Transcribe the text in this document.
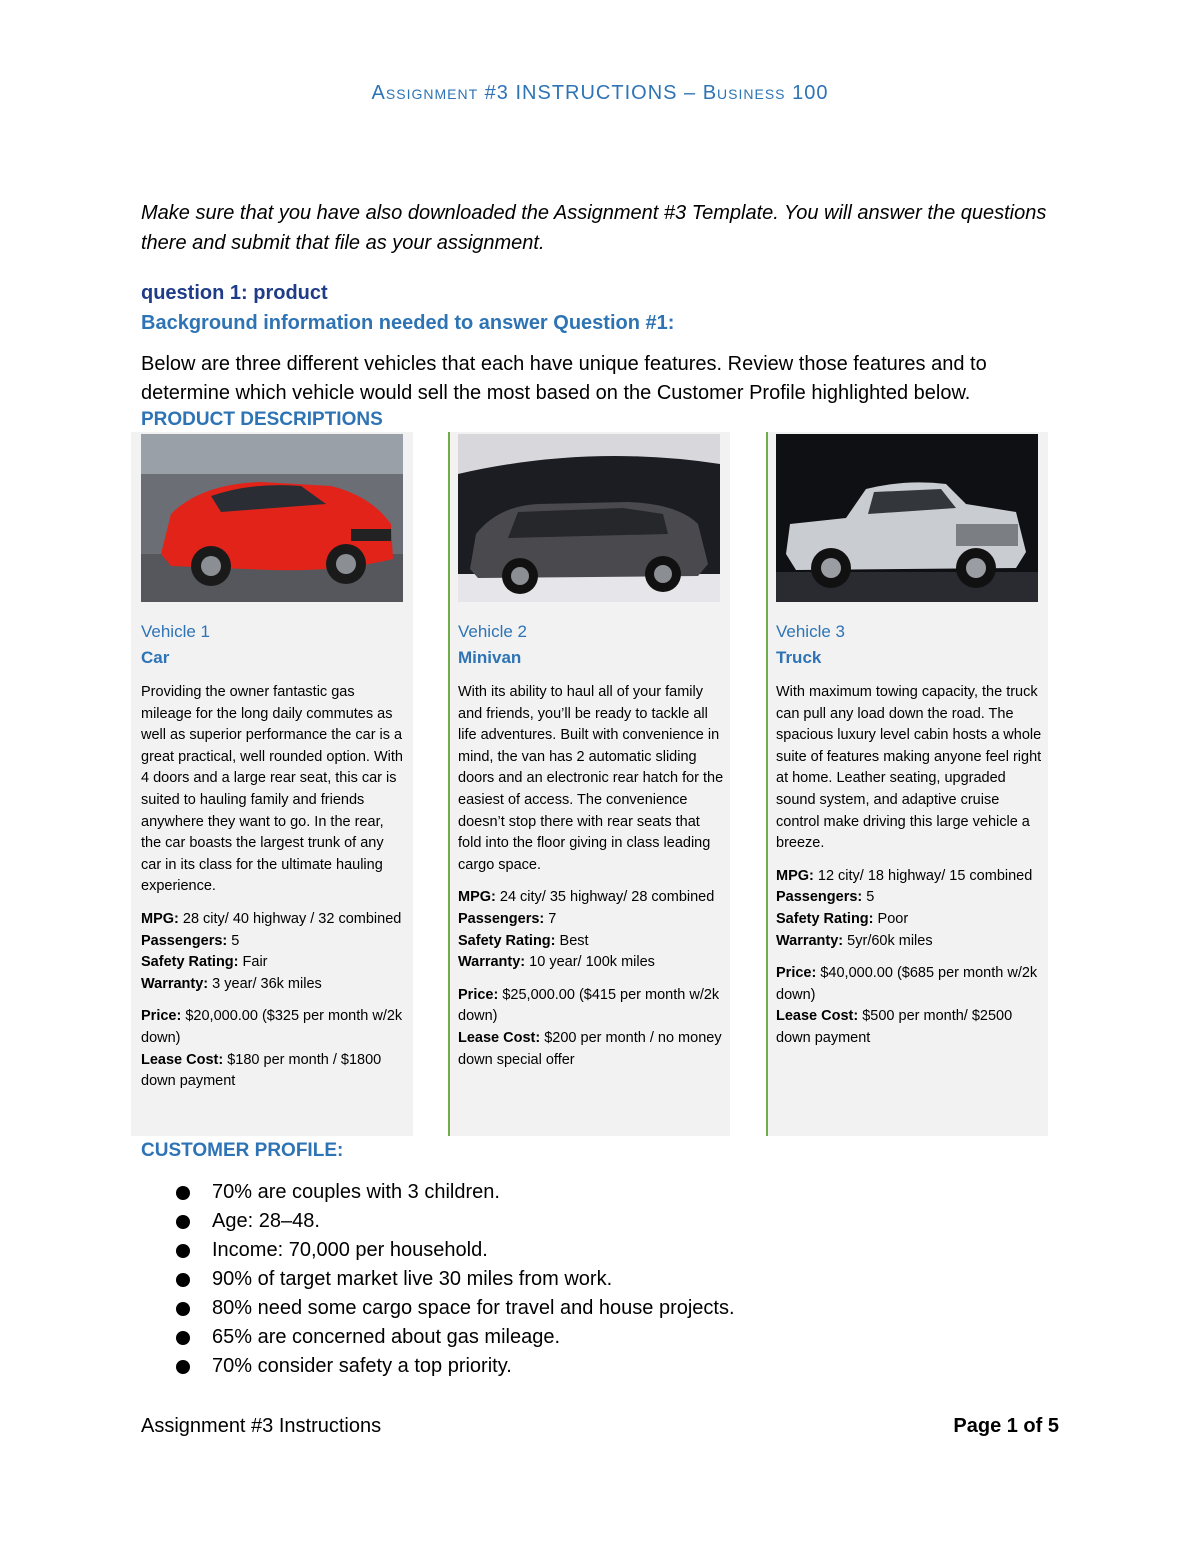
Assignment #3 INSTRUCTIONS – Business 100
Make sure that you have also downloaded the Assignment #3 Template. You will answer the questions there and submit that file as your assignment.
question 1: product
Background information needed to answer Question #1:
Below are three different vehicles that each have unique features. Review those features and to determine which vehicle would sell the most based on the Customer Profile highlighted below.
PRODUCT DESCRIPTIONS
Vehicle 1
Car

Providing the owner fantastic gas mileage for the long daily commutes as well as superior performance the car is a great practical, well rounded option. With 4 doors and a large rear seat, this car is suited to hauling family and friends anywhere they want to go. In the rear, the car boasts the largest trunk of any car in its class for the ultimate hauling experience.

MPG: 28 city/ 40 highway / 32 combined

Passengers: 5

Safety Rating: Fair

Warranty: 3 year/ 36k miles

Price: $20,000.00 ($325 per month w/2k down)

Lease Cost: $180 per month / $1800 down payment

Vehicle 2
Minivan

With its ability to haul all of your family and friends, you’ll be ready to tackle all life adventures. Built with convenience in mind, the van has 2 automatic sliding doors and an electronic rear hatch for the easiest of access. The convenience doesn’t stop there with rear seats that fold into the floor giving in class leading cargo space.

MPG: 24 city/ 35 highway/ 28 combined

Passengers: 7

Safety Rating: Best

Warranty: 10 year/ 100k miles

Price: $25,000.00 ($415 per month w/2k down)

Lease Cost: $200 per month / no money down special offer

Vehicle 3
Truck

With maximum towing capacity, the truck can pull any load down the road. The spacious luxury level cabin hosts a whole suite of features making anyone feel right at home. Leather seating, upgraded sound system, and adaptive cruise control make driving this large vehicle a breeze.

MPG: 12 city/ 18 highway/ 15 combined

Passengers: 5

Safety Rating: Poor

Warranty: 5yr/60k miles

Price: $40,000.00 ($685 per month w/2k down)

Lease Cost: $500 per month/ $2500 down payment

CUSTOMER PROFILE:
70% are couples with 3 children.
Age: 28–48.
Income: 70,000 per household.
90% of target market live 30 miles from work.
80% need some cargo space for travel and house projects.
65% are concerned about gas mileage.
70% consider safety a top priority.
Assignment #3 Instructions	Page 1 of 5
